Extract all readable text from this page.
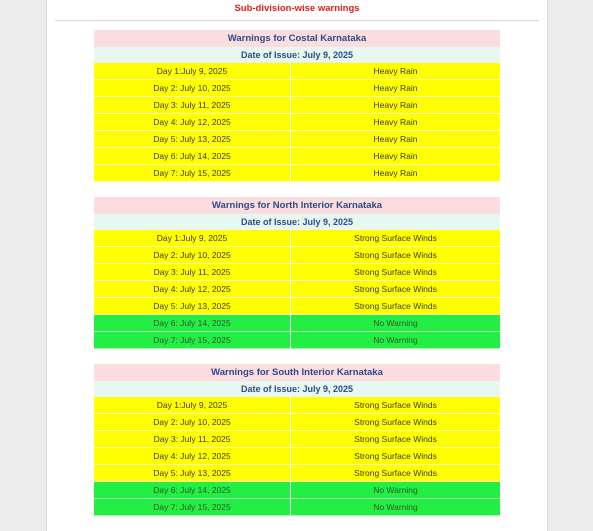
Sub-division-wise warnings
Warnings for Costal Karnataka
Date of Issue: July 9, 2025
Day 1:July 9, 2025	Heavy Rain
Day 2: July 10, 2025	Heavy Rain
Day 3: July 11, 2025	Heavy Rain
Day 4: July 12, 2025	Heavy Rain
Day 5: July 13, 2025	Heavy Rain
Day 6: July 14, 2025	Heavy Rain
Day 7: July 15, 2025	Heavy Rain
Warnings for North Interior Karnataka
Date of Issue: July 9, 2025
Day 1:July 9, 2025	Strong Surface Winds
Day 2: July 10, 2025	Strong Surface Winds
Day 3: July 11, 2025	Strong Surface Winds
Day 4: July 12, 2025	Strong Surface Winds
Day 5: July 13, 2025	Strong Surface Winds
Day 6: July 14, 2025	No Warning
Day 7: July 15, 2025	No Warning
Warnings for South Interior Karnataka
Date of Issue: July 9, 2025
Day 1:July 9, 2025	Strong Surface Winds
Day 2: July 10, 2025	Strong Surface Winds
Day 3: July 11, 2025	Strong Surface Winds
Day 4: July 12, 2025	Strong Surface Winds
Day 5: July 13, 2025	Strong Surface Winds
Day 6: July 14, 2025	No Warning
Day 7: July 15, 2025	No Warning
